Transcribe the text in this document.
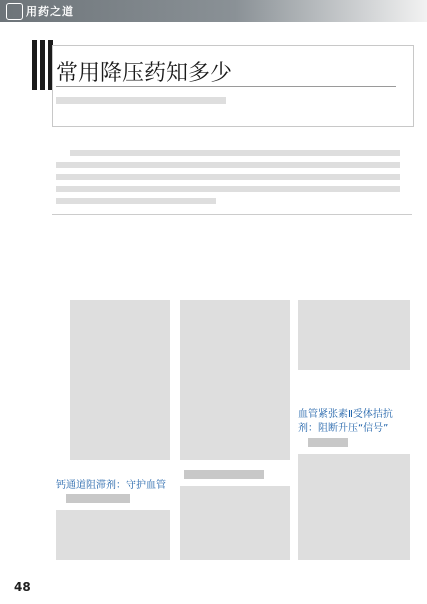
用药之道
常用降压药知多少
钙通道阻滞剂：守护血管
血管紧张素Ⅱ受体拮抗剂：阻断升压“信号”
48
